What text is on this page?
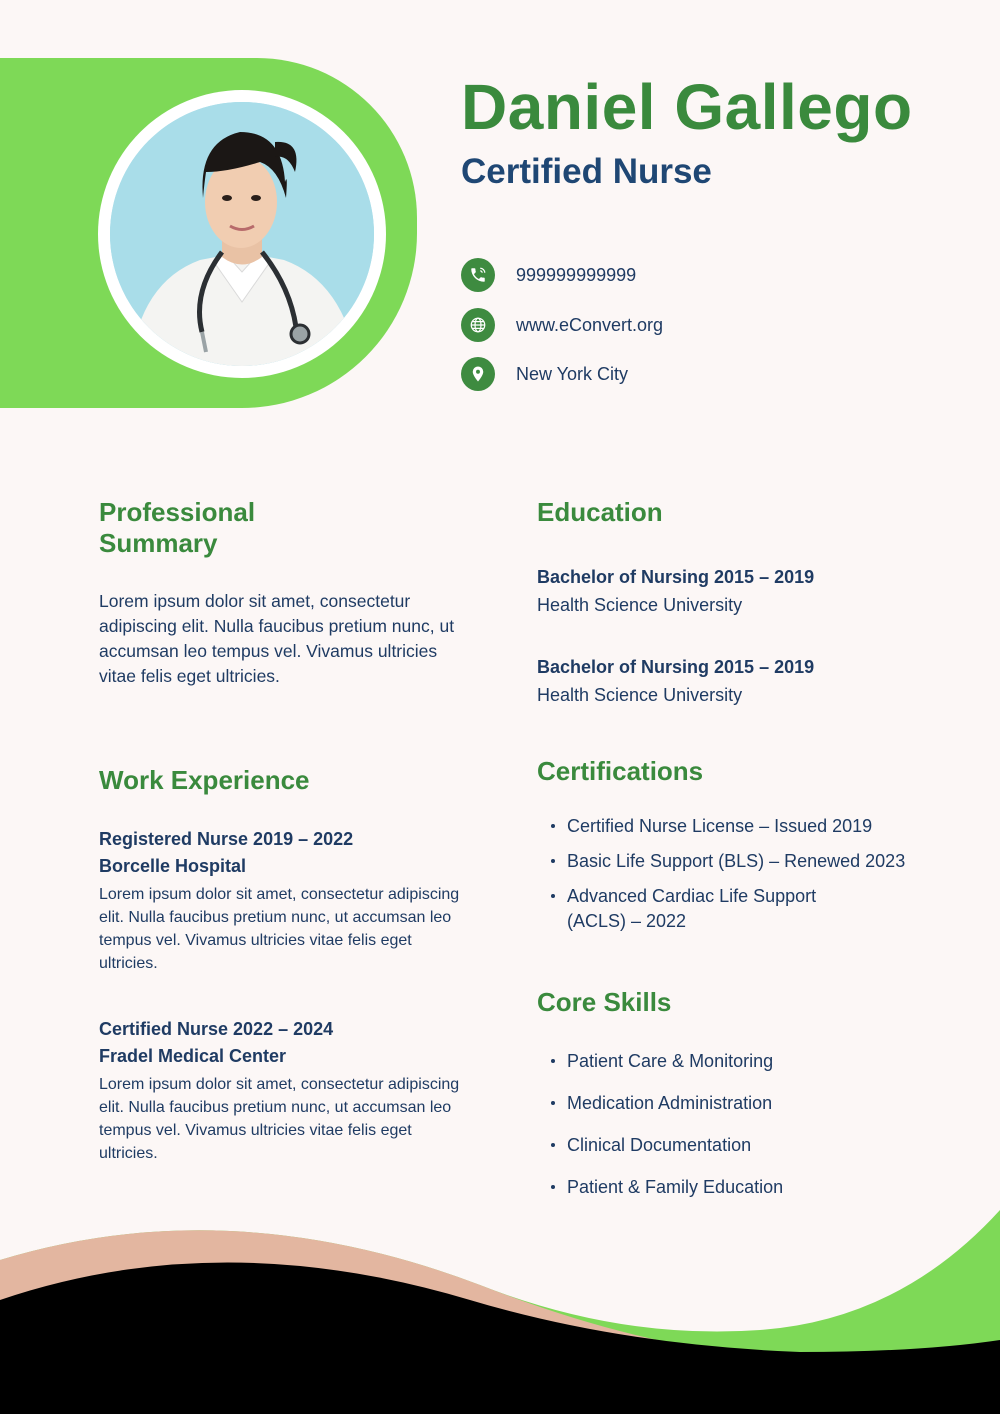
Daniel Gallego
Certified Nurse
999999999999
www.eConvert.org
New York City
Professional
Summary

Lorem ipsum dolor sit amet, consectetur adipiscing elit. Nulla faucibus pretium nunc, ut accumsan leo tempus vel. Vivamus ultricies vitae felis eget ultricies.

Work Experience

Registered Nurse 2019 – 2022

Borcelle Hospital

Lorem ipsum dolor sit amet, consectetur adipiscing elit. Nulla faucibus pretium nunc, ut accumsan leo tempus vel. Vivamus ultricies vitae felis eget ultricies.

Certified Nurse 2022 – 2024

Fradel Medical Center

Lorem ipsum dolor sit amet, consectetur adipiscing elit. Nulla faucibus pretium nunc, ut accumsan leo tempus vel. Vivamus ultricies vitae felis eget ultricies.

Education

Bachelor of Nursing 2015 – 2019

Health Science University

Bachelor of Nursing 2015 – 2019

Health Science University

Certifications
Certified Nurse License – Issued 2019
Basic Life Support (BLS) – Renewed 2023
Advanced Cardiac Life Support (ACLS) – 2022
Core Skills
Patient Care & Monitoring
Medication Administration
Clinical Documentation
Patient & Family Education
